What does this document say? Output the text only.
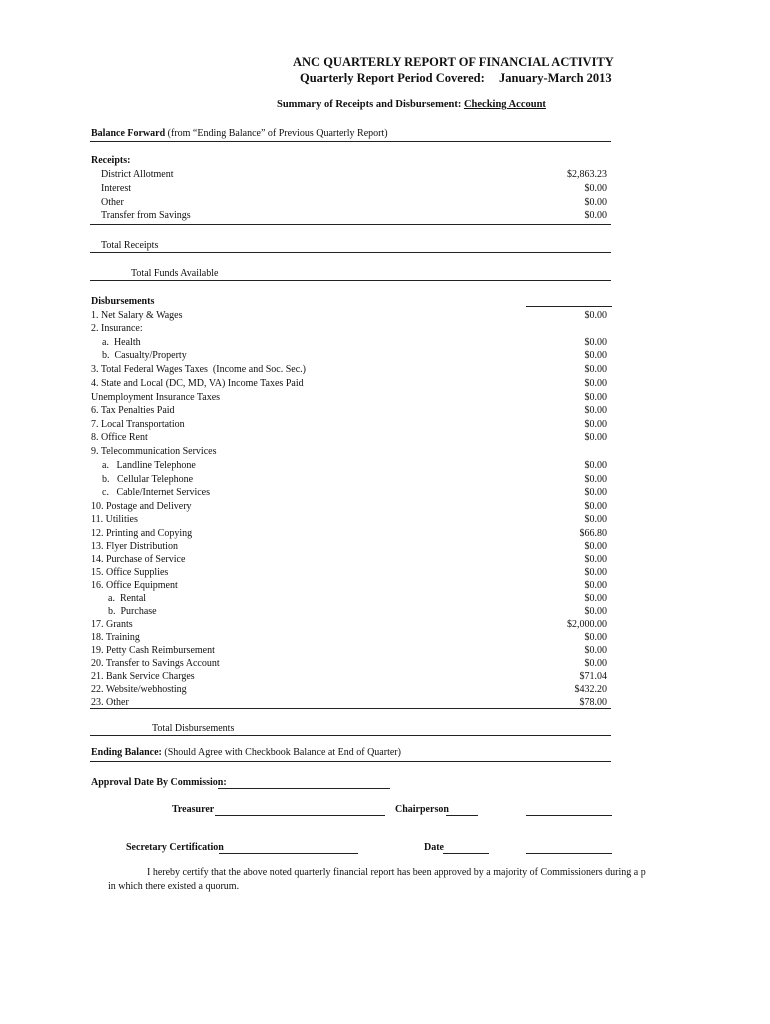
ANC QUARTERLY REPORT OF FINANCIAL ACTIVITY
Quarterly Report Period Covered: January-March 2013
Summary of Receipts and Disbursement: Checking Account
Balance Forward (from “Ending Balance” of Previous Quarterly Report)
Receipts:
District Allotment	$2,863.23
Interest	$0.00
Other	$0.00
Transfer from Savings	$0.00
Total Receipts
Total Funds Available
Disbursements
1. Net Salary & Wages	$0.00
2. Insurance:
a.  Health	$0.00
b.  Casualty/Property	$0.00
3. Total Federal Wages Taxes  (Income and Soc. Sec.)	$0.00
4. State and Local (DC, MD, VA) Income Taxes Paid	$0.00
Unemployment Insurance Taxes	$0.00
6. Tax Penalties Paid	$0.00
7. Local Transportation	$0.00
8. Office Rent	$0.00
9. Telecommunication Services
a.   Landline Telephone	$0.00
b.   Cellular Telephone	$0.00
c.   Cable/Internet Services	$0.00
10. Postage and Delivery	$0.00
11. Utilities	$0.00
12. Printing and Copying	$66.80
13. Flyer Distribution	$0.00
14. Purchase of Service	$0.00
15. Office Supplies	$0.00
16. Office Equipment	$0.00
a.  Rental	$0.00
b.  Purchase	$0.00
17. Grants	$2,000.00
18. Training	$0.00
19. Petty Cash Reimbursement	$0.00
20. Transfer to Savings Account	$0.00
21. Bank Service Charges	$71.04
22. Website/webhosting	$432.20
23. Other	$78.00
Total Disbursements
Ending Balance: (Should Agree with Checkbook Balance at End of Quarter)
Approval Date By Commission:
Treasurer	Chairperson
Secretary Certification	Date
I hereby certify that the above noted quarterly financial report has been approved by a majority of Commissioners during a p
in which there existed a quorum.
